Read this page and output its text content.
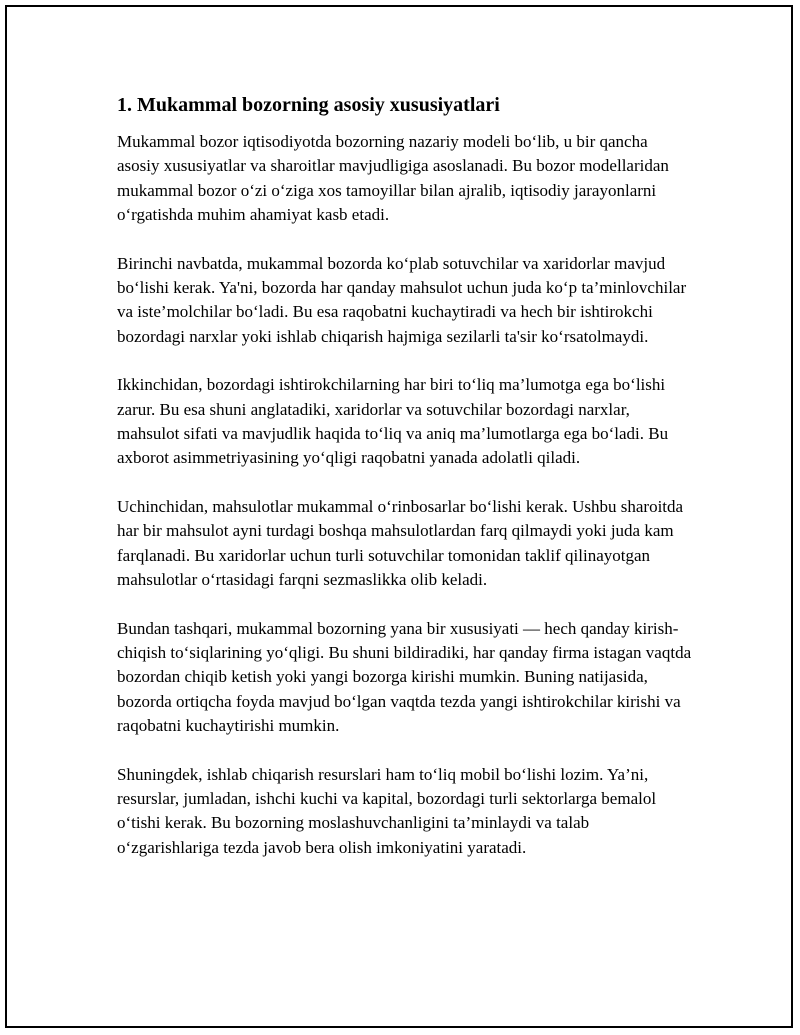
1. Mukammal bozorning asosiy xususiyatlari

Mukammal bozor iqtisodiyotda bozorning nazariy modeli bo‘lib, u bir qancha asosiy xususiyatlar va sharoitlar mavjudligiga asoslanadi. Bu bozor modellaridan mukammal bozor o‘zi o‘ziga xos tamoyillar bilan ajralib, iqtisodiy jarayonlarni o‘rgatishda muhim ahamiyat kasb etadi.

Birinchi navbatda, mukammal bozorda ko‘plab sotuvchilar va xaridorlar mavjud bo‘lishi kerak. Ya'ni, bozorda har qanday mahsulot uchun juda ko‘p ta’minlovchilar va iste’molchilar bo‘ladi. Bu esa raqobatni kuchaytiradi va hech bir ishtirokchi bozordagi narxlar yoki ishlab chiqarish hajmiga sezilarli ta'sir ko‘rsatolmaydi.

Ikkinchidan, bozordagi ishtirokchilarning har biri to‘liq ma’lumotga ega bo‘lishi zarur. Bu esa shuni anglatadiki, xaridorlar va sotuvchilar bozordagi narxlar, mahsulot sifati va mavjudlik haqida to‘liq va aniq ma’lumotlarga ega bo‘ladi. Bu axborot asimmetriyasining yo‘qligi raqobatni yanada adolatli qiladi.

Uchinchidan, mahsulotlar mukammal o‘rinbosarlar bo‘lishi kerak. Ushbu sharoitda har bir mahsulot ayni turdagi boshqa mahsulotlardan farq qilmaydi yoki juda kam farqlanadi. Bu xaridorlar uchun turli sotuvchilar tomonidan taklif qilinayotgan mahsulotlar o‘rtasidagi farqni sezmaslikka olib keladi.

Bundan tashqari, mukammal bozorning yana bir xususiyati — hech qanday kirish-chiqish to‘siqlarining yo‘qligi. Bu shuni bildiradiki, har qanday firma istagan vaqtda bozordan chiqib ketish yoki yangi bozorga kirishi mumkin. Buning natijasida, bozorda ortiqcha foyda mavjud bo‘lgan vaqtda tezda yangi ishtirokchilar kirishi va raqobatni kuchaytirishi mumkin.

Shuningdek, ishlab chiqarish resurslari ham to‘liq mobil bo‘lishi lozim. Ya’ni, resurslar, jumladan, ishchi kuchi va kapital, bozordagi turli sektorlarga bemalol o‘tishi kerak. Bu bozorning moslashuvchanligini ta’minlaydi va talab o‘zgarishlariga tezda javob bera olish imkoniyatini yaratadi.
